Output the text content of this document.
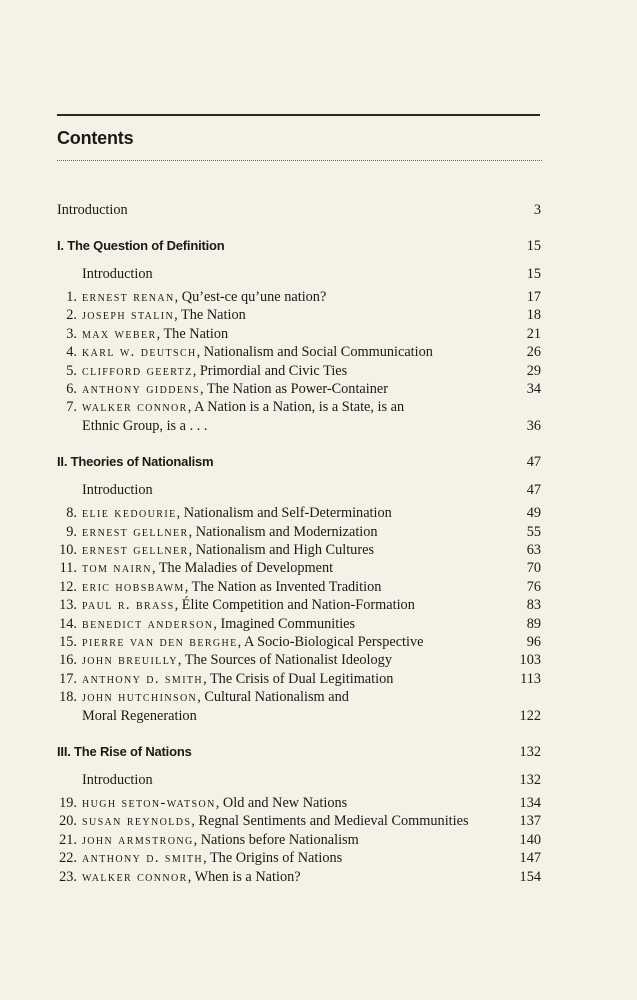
Contents
Introduction	3
I. The Question of Definition	15
Introduction	15
1. ernest renan, Qu’est-ce qu’une nation?	17
2. joseph stalin, The Nation	18
3. max weber, The Nation	21
4. karl w. deutsch, Nationalism and Social Communication	26
5. clifford geertz, Primordial and Civic Ties	29
6. anthony giddens, The Nation as Power-Container	34
7. walker connor, A Nation is a Nation, is a State, is an
Ethnic Group, is a . . .	36
II. Theories of Nationalism	47
Introduction	47
8. elie kedourie, Nationalism and Self-Determination	49
9. ernest gellner, Nationalism and Modernization	55
10. ernest gellner, Nationalism and High Cultures	63
11. tom nairn, The Maladies of Development	70
12. eric hobsbawm, The Nation as Invented Tradition	76
13. paul r. brass, Élite Competition and Nation-Formation	83
14. benedict anderson, Imagined Communities	89
15. pierre van den berghe, A Socio-Biological Perspective	96
16. john breuilly, The Sources of Nationalist Ideology	103
17. anthony d. smith, The Crisis of Dual Legitimation	113
18. john hutchinson, Cultural Nationalism and
Moral Regeneration	122
III. The Rise of Nations	132
Introduction	132
19. hugh seton-watson, Old and New Nations	134
20. susan reynolds, Regnal Sentiments and Medieval Communities	137
21. john armstrong, Nations before Nationalism	140
22. anthony d. smith, The Origins of Nations	147
23. walker connor, When is a Nation?	154
